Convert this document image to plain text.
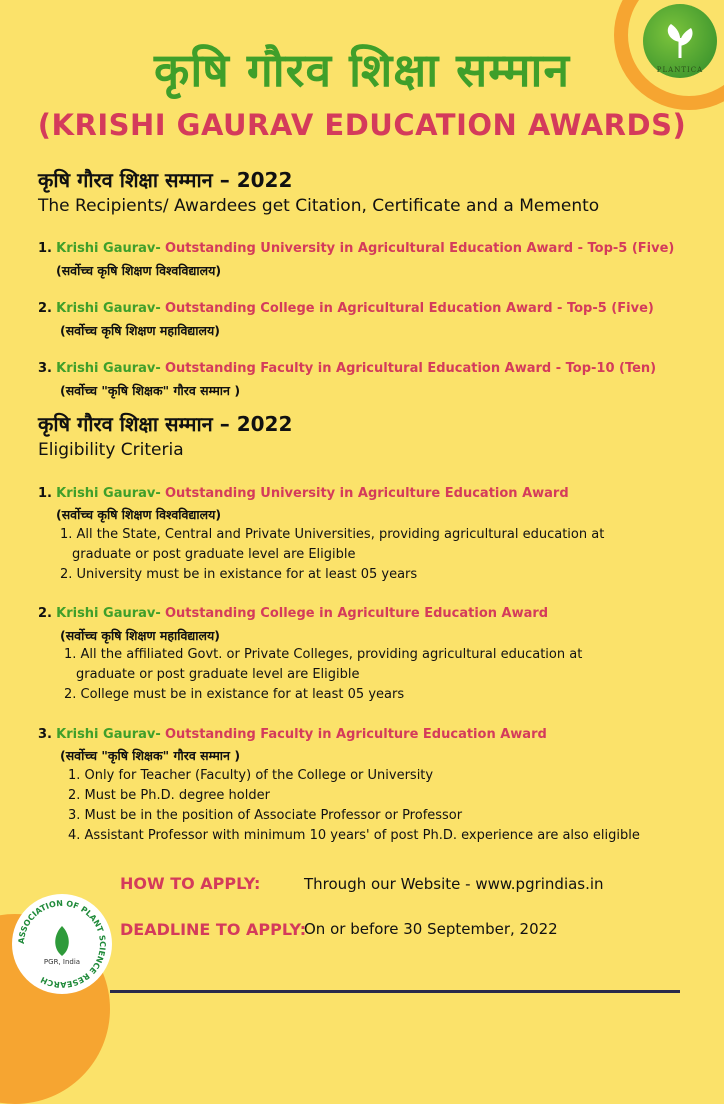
PLANTICA
ASSOCIATION OF PLANT SCIENCE RESEARCH
PGR, India
कृषि गौरव शिक्षा सम्मान
(KRISHI GAURAV EDUCATION AWARDS)
कृषि गौरव शिक्षा सम्मान – 2022
The Recipients/ Awardees get Citation, Certificate and a Memento
1. Krishi Gaurav- Outstanding University in Agricultural Education Award - Top-5 (Five)
(सर्वोच्च कृषि शिक्षण विश्वविद्यालय)
2. Krishi Gaurav- Outstanding College in Agricultural Education Award - Top-5 (Five)
(सर्वोच्च कृषि शिक्षण महाविद्यालय)
3. Krishi Gaurav- Outstanding Faculty in Agricultural Education Award - Top-10 (Ten)
(सर्वोच्च "कृषि शिक्षक" गौरव सम्मान )
कृषि गौरव शिक्षा सम्मान – 2022
Eligibility Criteria
1. Krishi Gaurav- Outstanding University in Agriculture Education Award
(सर्वोच्च कृषि शिक्षण विश्वविद्यालय)
1. All the State, Central and Private Universities, providing agricultural education at
graduate or post graduate level are Eligible
2. University must be in existance for at least 05 years
2. Krishi Gaurav- Outstanding College in Agriculture Education Award
(सर्वोच्च कृषि शिक्षण महाविद्यालय)
1. All the affiliated Govt. or Private Colleges, providing agricultural education at
graduate or post graduate level are Eligible
2. College must be in existance for at least 05 years
3. Krishi Gaurav- Outstanding Faculty in Agriculture Education Award
(सर्वोच्च "कृषि शिक्षक" गौरव सम्मान )
1. Only for Teacher (Faculty) of the College or University
2. Must be Ph.D. degree holder
3. Must be in the position of Associate Professor or Professor
4. Assistant Professor with minimum 10 years' of post Ph.D. experience are also eligible
HOW TO APPLY:	Through our Website - www.pgrindias.in
DEADLINE TO APPLY:
On or before 30 September, 2022
